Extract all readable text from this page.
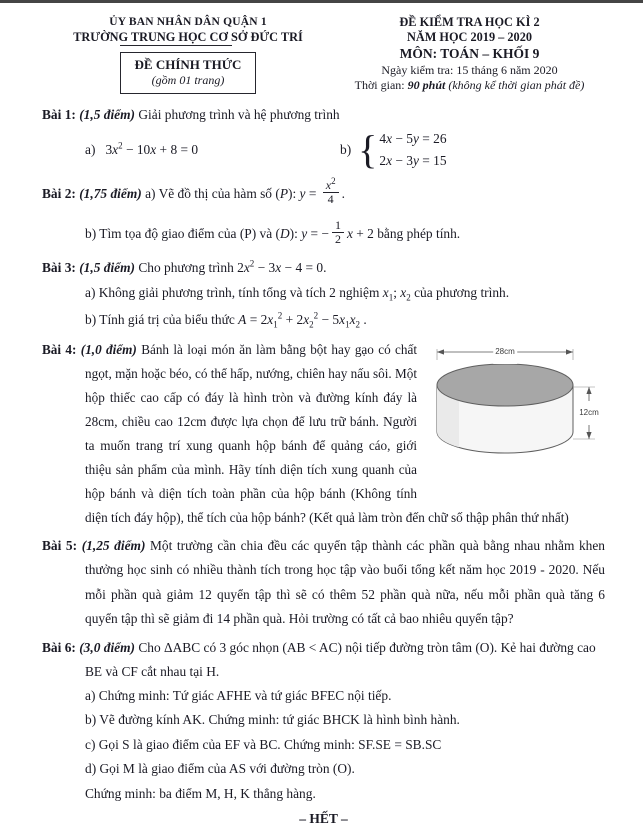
ỦY BAN NHÂN DÂN QUẬN 1
TRƯỜNG TRUNG HỌC CƠ SỞ ĐỨC TRÍ
ĐỀ CHÍNH THỨC
(gồm 01 trang)
ĐỀ KIỂM TRA HỌC KÌ 2
NĂM HỌC 2019 – 2020
MÔN: TOÁN – KHỐI 9
Ngày kiểm tra: 15 tháng 6 năm 2020
Thời gian: 90 phút (không kể thời gian phát đề)
Bài 1: (1,5 điểm) Giải phương trình và hệ phương trình
a) $3x^2 - 10x + 8 = 0$	b) { 4x − 5y = 26
2x − 3y = 15
Bài 2: (1,75 điểm) a) Vẽ đồ thị của hàm số (P): $y = \frac{x^2}{4}$ .
b) Tìm tọa độ giao điểm của (P) và (D): y = − $\frac{1}{2}$ x + 2 bằng phép tính.
Bài 3: (1,5 điểm) Cho phương trình $2x^2 - 3x - 4 = 0$.
a) Không giải phương trình, tính tổng và tích 2 nghiệm $x_1$; $x_2$ của phương trình.
b) Tính giá trị của biểu thức $A = 2x_1^2 + 2x_2^2 - 5x_1x_2$ .
28cm
12cm
Bài 4: (1,0 điểm) Bánh là loại món ăn làm bằng bột hay gạo có chất ngọt, mặn hoặc béo, có thể hấp, nướng, chiên hay nấu sôi. Một hộp thiếc cao cấp có đáy là hình tròn và đường kính đáy là 28cm, chiều cao 12cm được lựa chọn để lưu trữ bánh. Người ta muốn trang trí xung quanh hộp bánh để quảng cáo, giới thiệu sản phẩm của mình. Hãy tính diện tích xung quanh của hộp bánh và diện tích toàn phần của hộp bánh (Không tính diện tích đáy hộp), thể tích của hộp bánh? (Kết quả làm tròn đến chữ số thập phân thứ nhất)
Bài 5: (1,25 điểm) Một trường cần chia đều các quyển tập thành các phần quà bằng nhau nhằm khen thưởng học sinh có nhiều thành tích trong học tập vào buổi tổng kết năm học 2019 - 2020. Nếu mỗi phần quà giảm 12 quyển tập thì sẽ có thêm 52 phần quà nữa, nếu mỗi phần quà tăng 6 quyển tập thì sẽ giảm đi 14 phần quà. Hỏi trường có tất cả bao nhiêu quyển tập?
Bài 6: (3,0 điểm) Cho ΔABC có 3 góc nhọn (AB < AC) nội tiếp đường tròn tâm (O). Kẻ hai đường cao BE và CF cắt nhau tại H.
a) Chứng minh: Tứ giác AFHE và tứ giác BFEC nội tiếp.
b) Vẽ đường kính AK. Chứng minh: tứ giác BHCK là hình bình hành.
c) Gọi S là giao điểm của EF và BC. Chứng minh: SF.SE = SB.SC
d) Gọi M là giao điểm của AS với đường tròn (O).
Chứng minh: ba điểm M, H, K thẳng hàng.
– HẾT –
